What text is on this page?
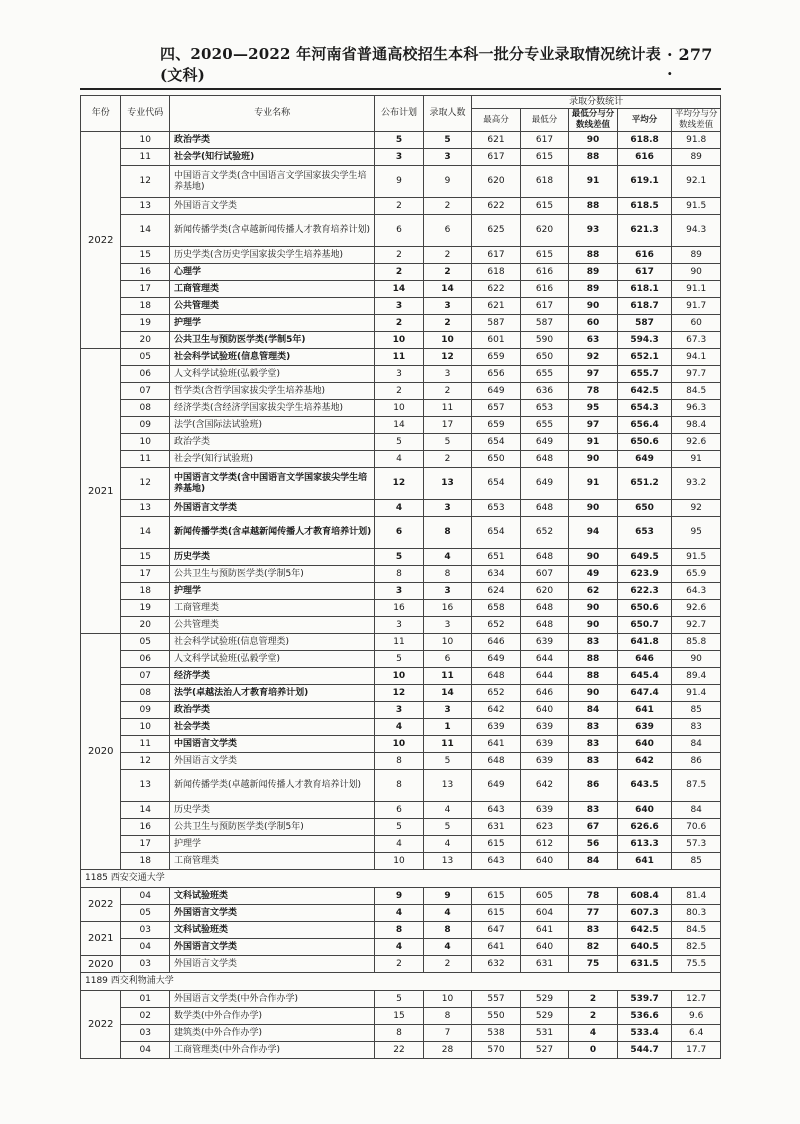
四、2020—2022 年河南省普通高校招生本科一批分专业录取情况统计表(文科)
· 277 ·
年份	专业代码	专业名称	公布计划	录取人数	录取分数统计				
					最高分	最低分	最低分与分数线差值	平均分	平均分与分数线差值
2022	10	政治学类	5	5	621	617	90	618.8	91.8
	11	社会学(知行试验班)	3	3	617	615	88	616	89
	12	中国语言文学类(含中国语言文学国家拔尖学生培养基地)	9	9	620	618	91	619.1	92.1
	13	外国语言文学类	2	2	622	615	88	618.5	91.5
	14	新闻传播学类(含卓越新闻传播人才教育培养计划)	6	6	625	620	93	621.3	94.3
	15	历史学类(含历史学国家拔尖学生培养基地)	2	2	617	615	88	616	89
	16	心理学	2	2	618	616	89	617	90
	17	工商管理类	14	14	622	616	89	618.1	91.1
	18	公共管理类	3	3	621	617	90	618.7	91.7
	19	护理学	2	2	587	587	60	587	60
	20	公共卫生与预防医学类(学制5年)	10	10	601	590	63	594.3	67.3
2021	05	社会科学试验班(信息管理类)	11	12	659	650	92	652.1	94.1
	06	人文科学试验班(弘毅学堂)	3	3	656	655	97	655.7	97.7
	07	哲学类(含哲学国家拔尖学生培养基地)	2	2	649	636	78	642.5	84.5
	08	经济学类(含经济学国家拔尖学生培养基地)	10	11	657	653	95	654.3	96.3
	09	法学(含国际法试验班)	14	17	659	655	97	656.4	98.4
	10	政治学类	5	5	654	649	91	650.6	92.6
	11	社会学(知行试验班)	4	2	650	648	90	649	91
	12	中国语言文学类(含中国语言文学国家拔尖学生培养基地)	12	13	654	649	91	651.2	93.2
	13	外国语言文学类	4	3	653	648	90	650	92
	14	新闻传播学类(含卓越新闻传播人才教育培养计划)	6	8	654	652	94	653	95
	15	历史学类	5	4	651	648	90	649.5	91.5
	17	公共卫生与预防医学类(学制5年)	8	8	634	607	49	623.9	65.9
	18	护理学	3	3	624	620	62	622.3	64.3
	19	工商管理类	16	16	658	648	90	650.6	92.6
	20	公共管理类	3	3	652	648	90	650.7	92.7
2020	05	社会科学试验班(信息管理类)	11	10	646	639	83	641.8	85.8
	06	人文科学试验班(弘毅学堂)	5	6	649	644	88	646	90
	07	经济学类	10	11	648	644	88	645.4	89.4
	08	法学(卓越法治人才教育培养计划)	12	14	652	646	90	647.4	91.4
	09	政治学类	3	3	642	640	84	641	85
	10	社会学类	4	1	639	639	83	639	83
	11	中国语言文学类	10	11	641	639	83	640	84
	12	外国语言文学类	8	5	648	639	83	642	86
	13	新闻传播学类(卓越新闻传播人才教育培养计划)	8	13	649	642	86	643.5	87.5
	14	历史学类	6	4	643	639	83	640	84
	16	公共卫生与预防医学类(学制5年)	5	5	631	623	67	626.6	70.6
	17	护理学	4	4	615	612	56	613.3	57.3
	18	工商管理类	10	13	643	640	84	641	85
1185 西安交通大学									
2022	04	文科试验班类	9	9	615	605	78	608.4	81.4
	05	外国语言文学类	4	4	615	604	77	607.3	80.3
2021	03	文科试验班类	8	8	647	641	83	642.5	84.5
	04	外国语言文学类	4	4	641	640	82	640.5	82.5
2020	03	外国语言文学类	2	2	632	631	75	631.5	75.5
1189 西交利物浦大学									
2022	01	外国语言文学类(中外合作办学)	5	10	557	529	2	539.7	12.7
	02	数学类(中外合作办学)	15	8	550	529	2	536.6	9.6
	03	建筑类(中外合作办学)	8	7	538	531	4	533.4	6.4
	04	工商管理类(中外合作办学)	22	28	570	527	0	544.7	17.7
